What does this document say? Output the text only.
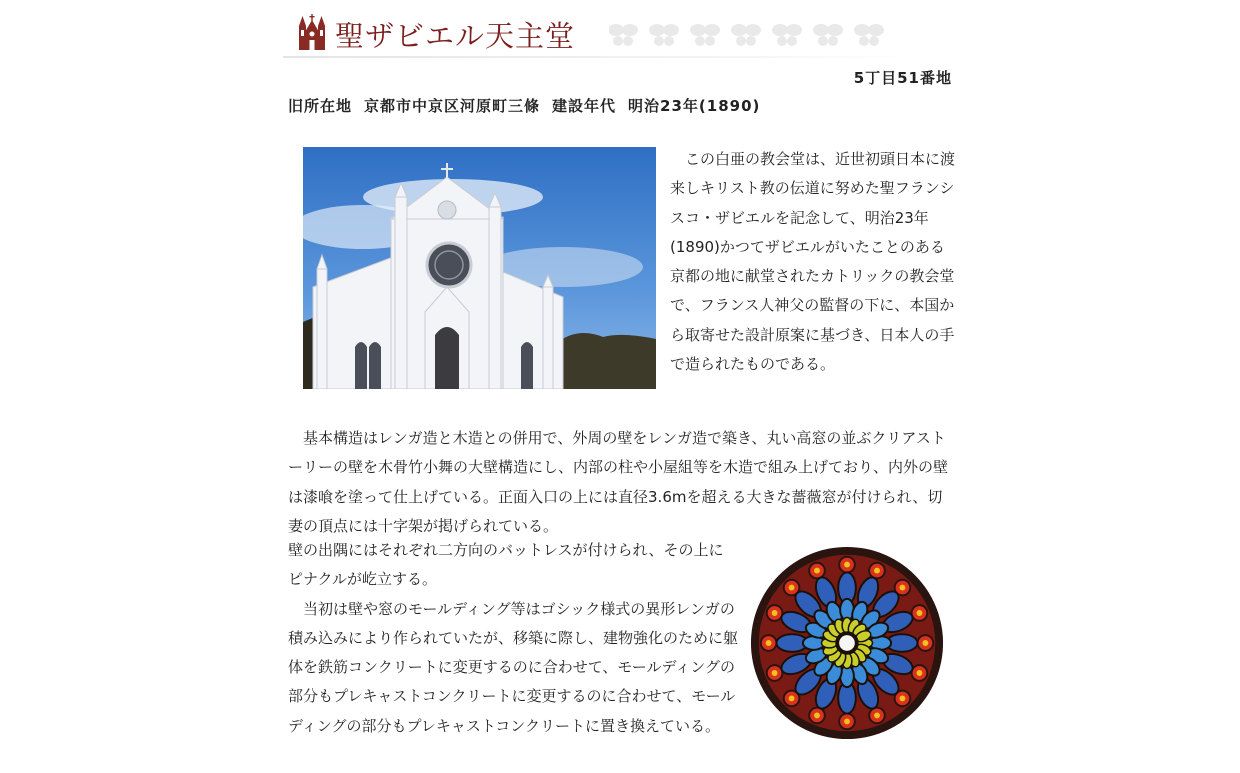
聖ザビエル天主堂
5丁目51番地
旧所在地 京都市中京区河原町三條 建設年代 明治23年(1890)
　この白亜の教会堂は、近世初頭日本に渡来しキリスト教の伝道に努めた聖フランシスコ・ザビエルを記念して、明治23年(1890)かつてザビエルがいたことのある京都の地に献堂されたカトリックの教会堂で、フランス人神父の監督の下に、本国から取寄せた設計原案に基づき、日本人の手で造られたものである。
　基本構造はレンガ造と木造との併用で、外周の壁をレンガ造で築き、丸い高窓の並ぶクリアストーリーの壁を木骨竹小舞の大壁構造にし、内部の柱や小屋組等を木造で組み上げており、内外の壁は漆喰を塗って仕上げている。正面入口の上には直径3.6mを超える大きな薔薇窓が付けられ、切妻の頂点には十字架が掲げられている。

壁の出隅にはそれぞれ二方向のバットレスが付けられ、その上にピナクルが屹立する。

　当初は壁や窓のモールディング等はゴシック様式の異形レンガの積み込みにより作られていたが、移築に際し、建物強化のために躯体を鉄筋コンクリートに変更するのに合わせて、モールディングの部分もプレキャストコンクリートに変更するのに合わせて、モールディングの部分もプレキャストコンクリートに置き換えている。
